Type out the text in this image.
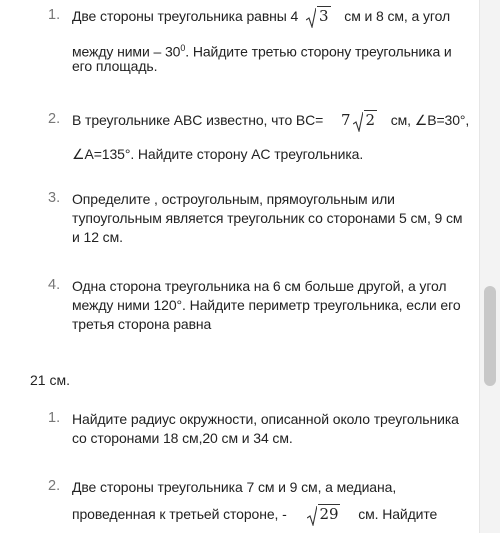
1. Две стороны треугольника равны 4 3 см и 8 см, а угол
между ними – $30^0$. Найдите третью сторону треугольника и
его площадь.
2. В треугольнике ABC известно, что BC= 7 2 см, ∠B=30°,
∠A=135°. Найдите сторону AC треугольника.
3. Определите , остроугольным, прямоугольным или
тупоугольным является треугольник со сторонами 5 см, 9 см
и 12 см.
4. Одна сторона треугольника на 6 см больше другой, а угол
между ними 120°. Найдите периметр треугольника, если его
третья сторона равна
21 см.
1. Найдите радиус окружности, описанной около треугольника
со сторонами 18 см,20 см и 34 см.
2. Две стороны треугольника 7 см и 9 см, а медиана,
проведенная к третьей стороне, - 29 см. Найдите
